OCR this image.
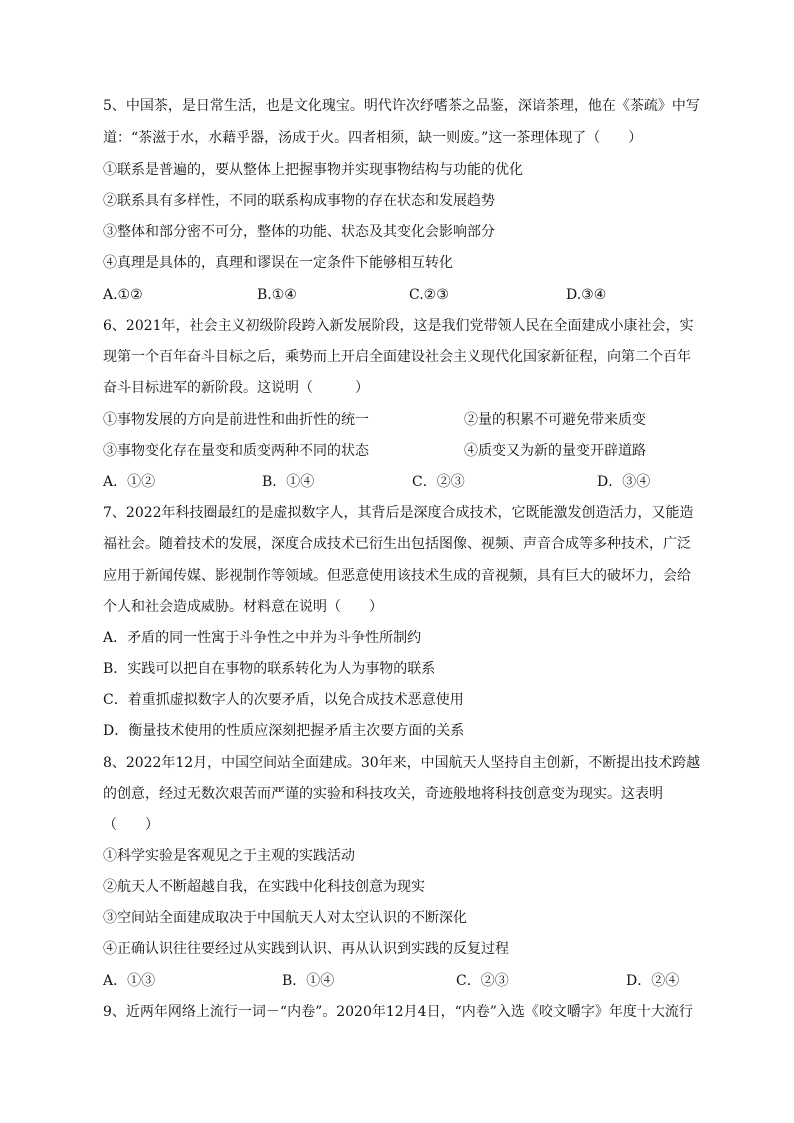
5、中国茶，是日常生活，也是文化瑰宝。明代许次纾嗜茶之品鉴，深谙茶理，他在《茶疏》中写
道：“茶滋于水，水藉乎器，汤成于火。四者相须，缺一则废。”这一茶理体现了（　　）
①联系是普遍的，要从整体上把握事物并实现事物结构与功能的优化
②联系具有多样性，不同的联系构成事物的存在状态和发展趋势
③整体和部分密不可分，整体的功能、状态及其变化会影响部分
④真理是具体的，真理和谬误在一定条件下能够相互转化
A.①②	B.①④	C.②③	D.③④
6、2021年，社会主义初级阶段跨入新发展阶段，这是我们党带领人民在全面建成小康社会，实
现第一个百年奋斗目标之后，乘势而上开启全面建设社会主义现代化国家新征程，向第二个百年
奋斗目标进军的新阶段。这说明（　　　）
①事物发展的方向是前进性和曲折性的统一	②量的积累不可避免带来质变
③事物变化存在量变和质变两种不同的状态	④质变又为新的量变开辟道路
A．①②	B．①④	C．②③	D．③④
7、2022年科技圈最红的是虚拟数字人，其背后是深度合成技术，它既能激发创造活力，又能造
福社会。随着技术的发展，深度合成技术已衍生出包括图像、视频、声音合成等多种技术，广泛
应用于新闻传媒、影视制作等领域。但恶意使用该技术生成的音视频，具有巨大的破坏力，会给
个人和社会造成威胁。材料意在说明（　　）
A．矛盾的同一性寓于斗争性之中并为斗争性所制约
B．实践可以把自在事物的联系转化为人为事物的联系
C．着重抓虚拟数字人的次要矛盾，以免合成技术恶意使用
D．衡量技术使用的性质应深刻把握矛盾主次要方面的关系
8、2022年12月，中国空间站全面建成。30年来，中国航天人坚持自主创新，不断提出技术跨越
的创意，经过无数次艰苦而严谨的实验和科技攻关，奇迹般地将科技创意变为现实。这表明
（　　）
①科学实验是客观见之于主观的实践活动
②航天人不断超越自我，在实践中化科技创意为现实
③空间站全面建成取决于中国航天人对太空认识的不断深化
④正确认识往往要经过从实践到认识、再从认识到实践的反复过程
A．①③	B．①④	C．②③	D．②④
9、近两年网络上流行一词－“内卷”。2020年12月4日，“内卷”入选《咬文嚼字》年度十大流行
